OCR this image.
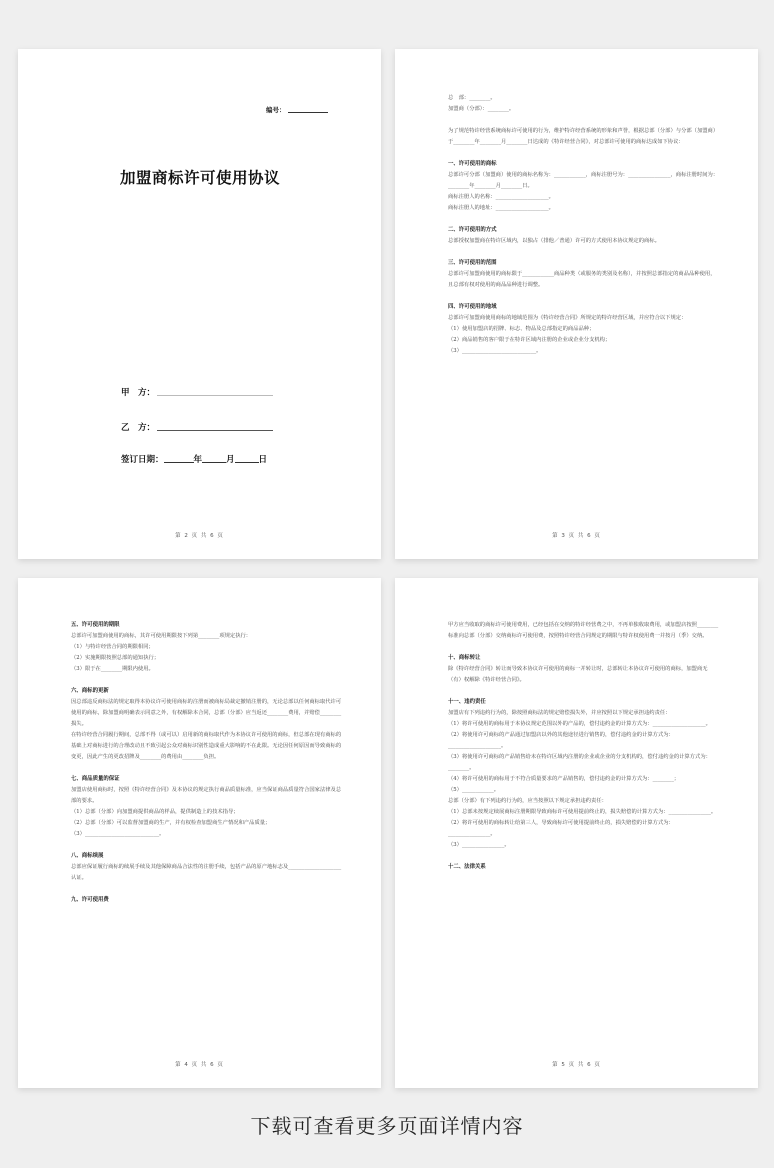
编号：
加盟商标许可使用协议
甲　方：
乙　方：
签订日期：	年	月	日
第 2 页 共 6 页

总　部：________。

加盟商（分部）：________。

为了规范特许经营系统商标许可使用的行为，维护特许经营系统的形象和声誉，根据总部（分部）与分部（加盟商）于________年________月________日达成的《特许经营合同》，对总部许可使用的商标达成如下协议：

一、许可使用的商标

总部许可分部（加盟商）使用的商标名称为：____________，商标注册号为：________________，商标注册时间为：________年________月________日。

商标注册人的名称：____________________。

商标注册人的地址：____________________。

二、许可使用的方式

总部授权加盟商在特许区域内，以独占（排他／普通）许可的方式使用本协议规定的商标。

三、许可使用的范围

总部许可加盟商使用的商标限于____________商品种类（或服务的类别及名称），并按照总部指定的商品品种使用，且总部有权对使用的商品品种进行调整。

四、许可使用的地域

总部许可加盟商使用商标的地域范围为《特许经营合同》所规定的特许经营区域，并应符合以下规定：

（1）使用加盟店的招牌、标志、物品及总部指定的商品品种；

（2）商品销售的客户限于在特许区域内注册的企业或企业分支机构；

（3）____________________________。

第 3 页 共 6 页
五、许可使用的期限

总部许可加盟商使用的商标，其许可使用期限按下列第________项规定执行：

（1）与特许经营合同的期限相同；

（2）实施期限按照总部的通知执行；

（3）限于在________期限内使用。

六、商标的更新

因总部违反商标法的规定取得本协议许可使用商标的注册而被商标局裁定撤销注册的，无论总部以任何商标取代许可使用的商标，除加盟商明确表示同意之外，有权解除本合同，总部（分部）应当返还________费用，并赔偿________损失。

在特许经营合同履行期间，总部不得（或可以）启用新的商标取代作为本协议许可使用的商标，但总部在现有商标的基础上对商标进行的合理改动且不致引起公众对商标识别性造成重大影响的不在此限。无论因任何原因而导致商标的变更，因此产生的更改招牌及________的费用由________负担。

七、商品质量的保证

加盟店使用商标时，按照《特许经营合同》及本协议的规定执行商品质量标准，应当保证商品质量符合国家法律及总部的要求。

（1）总部（分部）向加盟商提供商品的样品，提供制造上的技术指导；

（2）总部（分部）可以监督加盟商的生产，并有权检查加盟商生产情况和产品质量；

（3）____________________________。

八、商标续展

总部应保证履行商标的续展手续及其他保障商品合法性的注册手续，包括产品的原产地标志及____________________认证。

九、许可使用费
第 4 页 共 6 页

甲方应当收取的商标许可使用费用，已经包括在交纳的特许经营费之中，不再单独收取费用，或加盟店按照________标准向总部（分部）交纳商标许可使用费，按照特许经营合同规定的期限与特许权使用费一并按月（季）交纳。

十、商标转让

除《特许经营合同》转让而导致本协议许可使用的商标一并转让时，总部转让本协议许可使用的商标，加盟商无（有）权解除《特许经营合同》。

十一、违约责任

加盟店有下列违约行为的，除按照商标法的规定赔偿损失外，并应按照以下规定承担违约责任：

（1）将许可使用的商标用于本协议规定范围以外的产品的，偿付违约金的计算方式为：____________________。

（2）将使用许可商标的产品通过加盟店以外的其他途径进行销售的，偿付违约金的计算方式为：____________________。

（3）将使用许可商标的产品销售给未在特许区域内注册的企业或企业的分支机构的，偿付违约金的计算方式为：________。

（4）将许可使用的商标用于不符合质量要求的产品销售的，偿付违约金的计算方式为：________；

（5）____________。

总部（分部）有下列违约行为的，应当按照以下规定承担违约责任：

（1）总部未按规定续展商标注册期限导致商标许可使用提前终止的，损失赔偿的计算方式为：________________。

（2）将许可使用的商标转让给第三人，导致商标许可使用提前终止的，损失赔偿的计算方式为：________________。

（3）________________。

十二、法律关系
第 5 页 共 6 页
下载可查看更多页面详情内容
